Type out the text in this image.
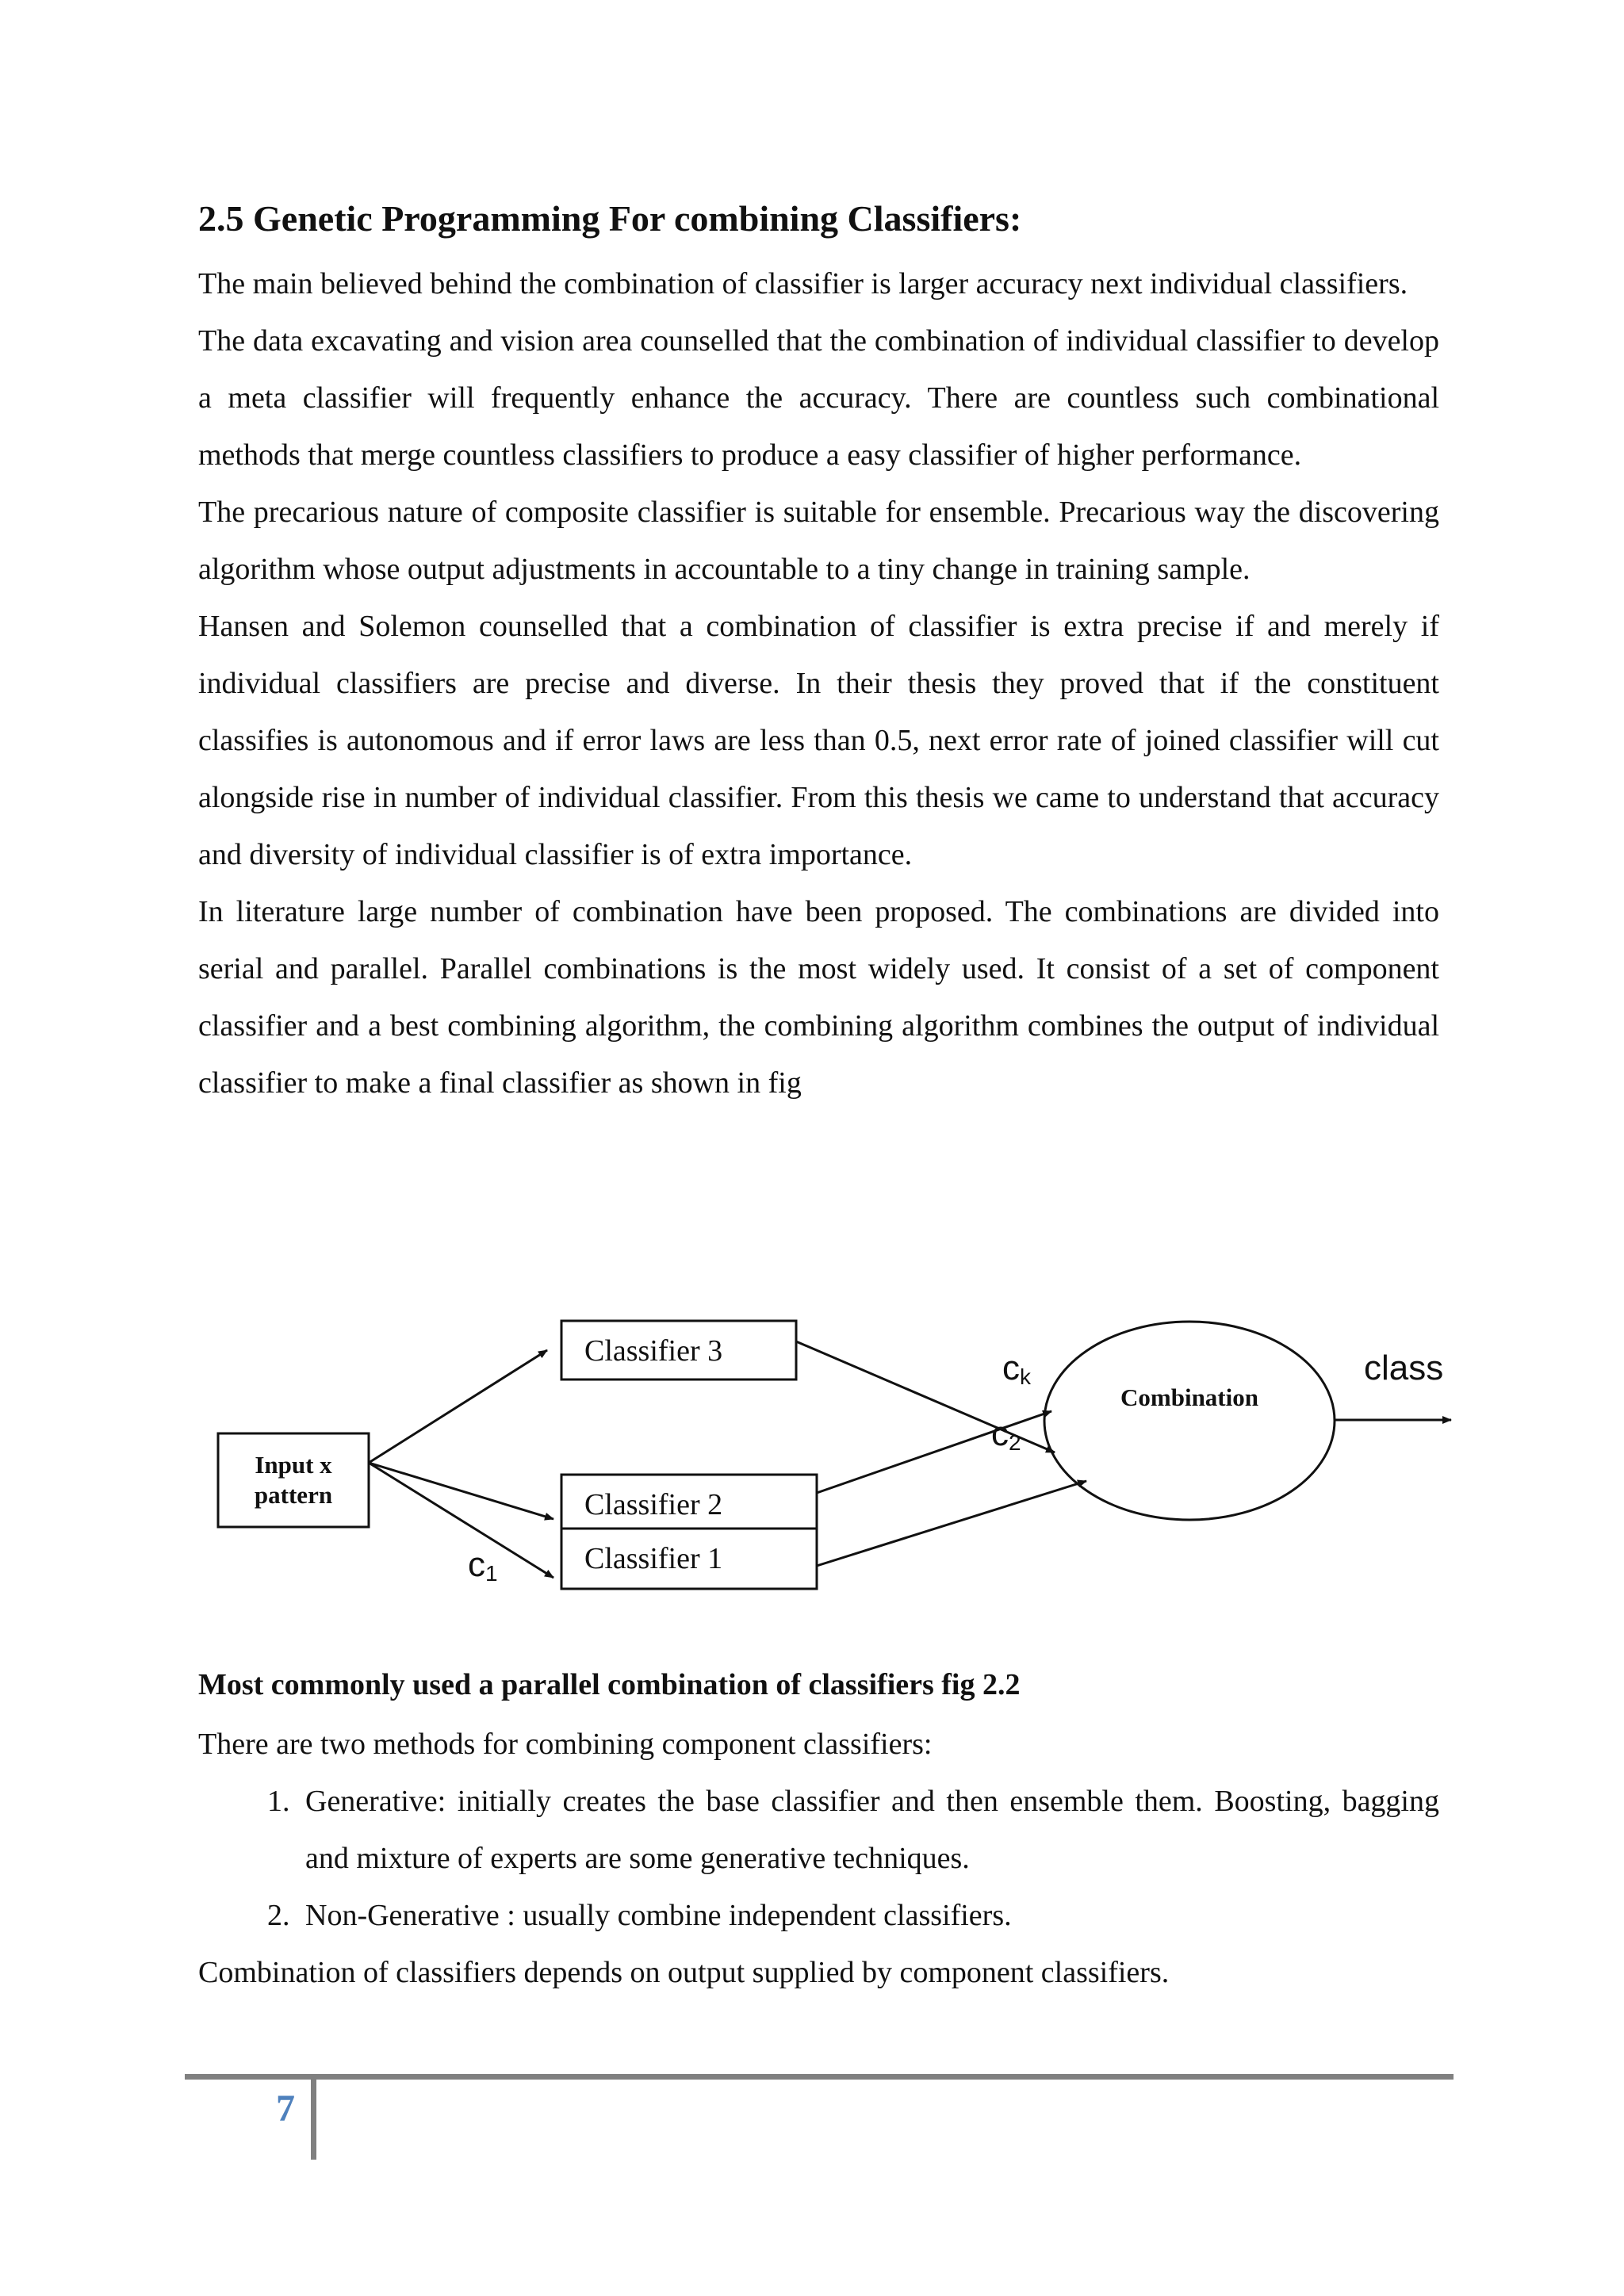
2.5 Genetic Programming For combining Classifiers:

The main believed behind the combination of classifier is larger accuracy next individual classifiers.

The data excavating and vision area counselled that the combination of individual classifier to develop a meta classifier will frequently enhance the accuracy. There are countless such combinational methods that merge countless classifiers to produce a easy classifier of higher performance.

The precarious nature of composite classifier is suitable for ensemble. Precarious way the discovering algorithm whose output adjustments in accountable to a tiny change in training sample.

Hansen and Solemon counselled that a combination of classifier is extra precise if and merely if individual classifiers are precise and diverse. In their thesis they proved that if the constituent classifies is autonomous and if error laws are less than 0.5, next error rate of joined classifier will cut alongside rise in number of individual classifier. From this thesis we came to understand that accuracy and diversity of individual classifier is of extra importance.

In literature large number of combination have been proposed. The combinations are divided into serial and parallel. Parallel combinations is the most widely used. It consist of a set of component classifier and a best combining algorithm, the combining algorithm combines the output of individual classifier to make a final classifier as shown in fig

Input x
pattern
Classifier 3
Classifier 2
Classifier 1
Combination
class
ck
c2
c1

Most commonly used a parallel combination of classifiers fig 2.2

There are two methods for combining component classifiers:

1. Generative: initially creates the base classifier and then ensemble them. Boosting, bagging and mixture of experts are some generative techniques.
2. Non-Generative : usually combine independent classifiers.

Combination of classifiers depends on output supplied by component classifiers.

7
